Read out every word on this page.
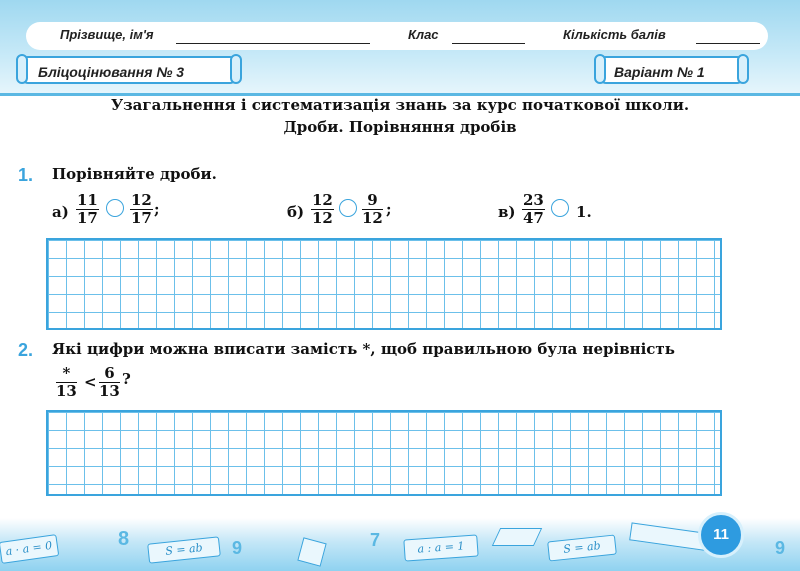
Прізвище, ім'я	Клас	Кількість балів
Бліцоцінювання № 3	Варіант № 1
Узагальнення і систематизація знань за курс початкової школи.
Дроби. Порівняння дробів
1. Порівняйте дроби.
$а) \frac{11}{17} \frac{12}{17}$ ;	$б) \frac{12}{12} \frac{9}{12}$ ;	$в) \frac{23}{47} 1$.
2. Які цифри можна вписати замість *, щоб правильною була нерівність
*
$13 < \frac{6}{13}$ ?
a · a = 0	8	S = ab	9	7	a : a = 1	S = ab	9
11
